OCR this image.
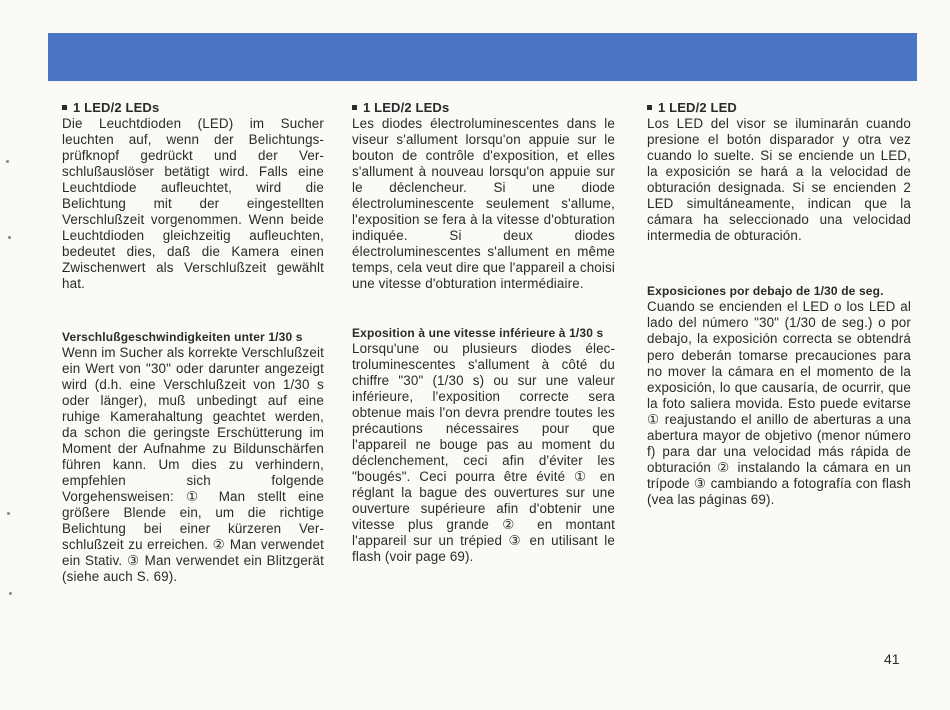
1 LED/2 LEDs

Die Leuchtdioden (LED) im Sucher leuchten auf, wenn der Belichtungsprüfknopf gedrückt und der Verschlußauslöser betätigt wird. Falls eine Leuchtdiode aufleuchtet, wird die Belichtung mit der eingestellten Verschlußzeit vorgenommen. Wenn beide Leuchtdioden gleichzeitig aufleuchten, bedeutet dies, daß die Kamera einen Zwischenwert als Verschlußzeit gewählt hat.

Verschlußgeschwindigkeiten unter 1/30 s

Wenn im Sucher als korrekte Verschlußzeit ein Wert von "30" oder darunter angezeigt wird (d.h. eine Verschlußzeit von 1/30 s oder länger), muß unbedingt auf eine ruhige Kamerahaltung geachtet werden, da schon die geringste Erschütterung im Moment der Aufnahme zu Bildunschärfen führen kann. Um dies zu verhindern, empfehlen sich folgende Vorgehensweisen: ① Man stellt eine größere Blende ein, um die richtige Belichtung bei einer kürzeren Verschlußzeit zu erreichen. ② Man verwendet ein Stativ. ③ Man verwendet ein Blitzgerät (siehe auch S. 69).

1 LED/2 LEDs

Les diodes électroluminescentes dans le viseur s'allument lorsqu'on appuie sur le bouton de contrôle d'exposition, et elles s'allument à nouveau lorsqu'on appuie sur le déclencheur. Si une diode électroluminescente seulement s'allume, l'exposition se fera à la vitesse d'obturation indiquée. Si deux diodes électroluminescentes s'allument en même temps, cela veut dire que l'appareil a choisi une vitesse d'obturation intermédiaire.

Exposition à une vitesse inférieure à 1/30 s

Lorsqu'une ou plusieurs diodes électroluminescentes s'allument à côté du chiffre "30" (1/30 s) ou sur une valeur inférieure, l'exposition correcte sera obtenue mais l'on devra prendre toutes les précautions nécessaires pour que l'appareil ne bouge pas au moment du déclenchement, ceci afin d'éviter les "bougés". Ceci pourra être évité ① en réglant la bague des ouvertures sur une ouverture supérieure afin d'obtenir une vitesse plus grande ② en montant l'appareil sur un trépied ③ en utilisant le flash (voir page 69).

1 LED/2 LED

Los LED del visor se iluminarán cuando presione el botón disparador y otra vez cuando lo suelte. Si se enciende un LED, la exposición se hará a la velocidad de obturación designada. Si se encienden 2 LED simultáneamente, indican que la cámara ha seleccionado una velocidad intermedia de obturación.

Exposiciones por debajo de 1/30 de seg.

Cuando se encienden el LED o los LED al lado del número "30" (1/30 de seg.) o por debajo, la exposición correcta se obtendrá pero deberán tomarse precauciones para no mover la cámara en el momento de la exposición, lo que causaría, de ocurrir, que la foto saliera movida. Esto puede evitarse ① reajustando el anillo de aberturas a una abertura mayor de objetivo (menor número f) para dar una velocidad más rápida de obturación ② instalando la cámara en un trípode ③ cambiando a fotografía con flash (vea las páginas 69).

41
